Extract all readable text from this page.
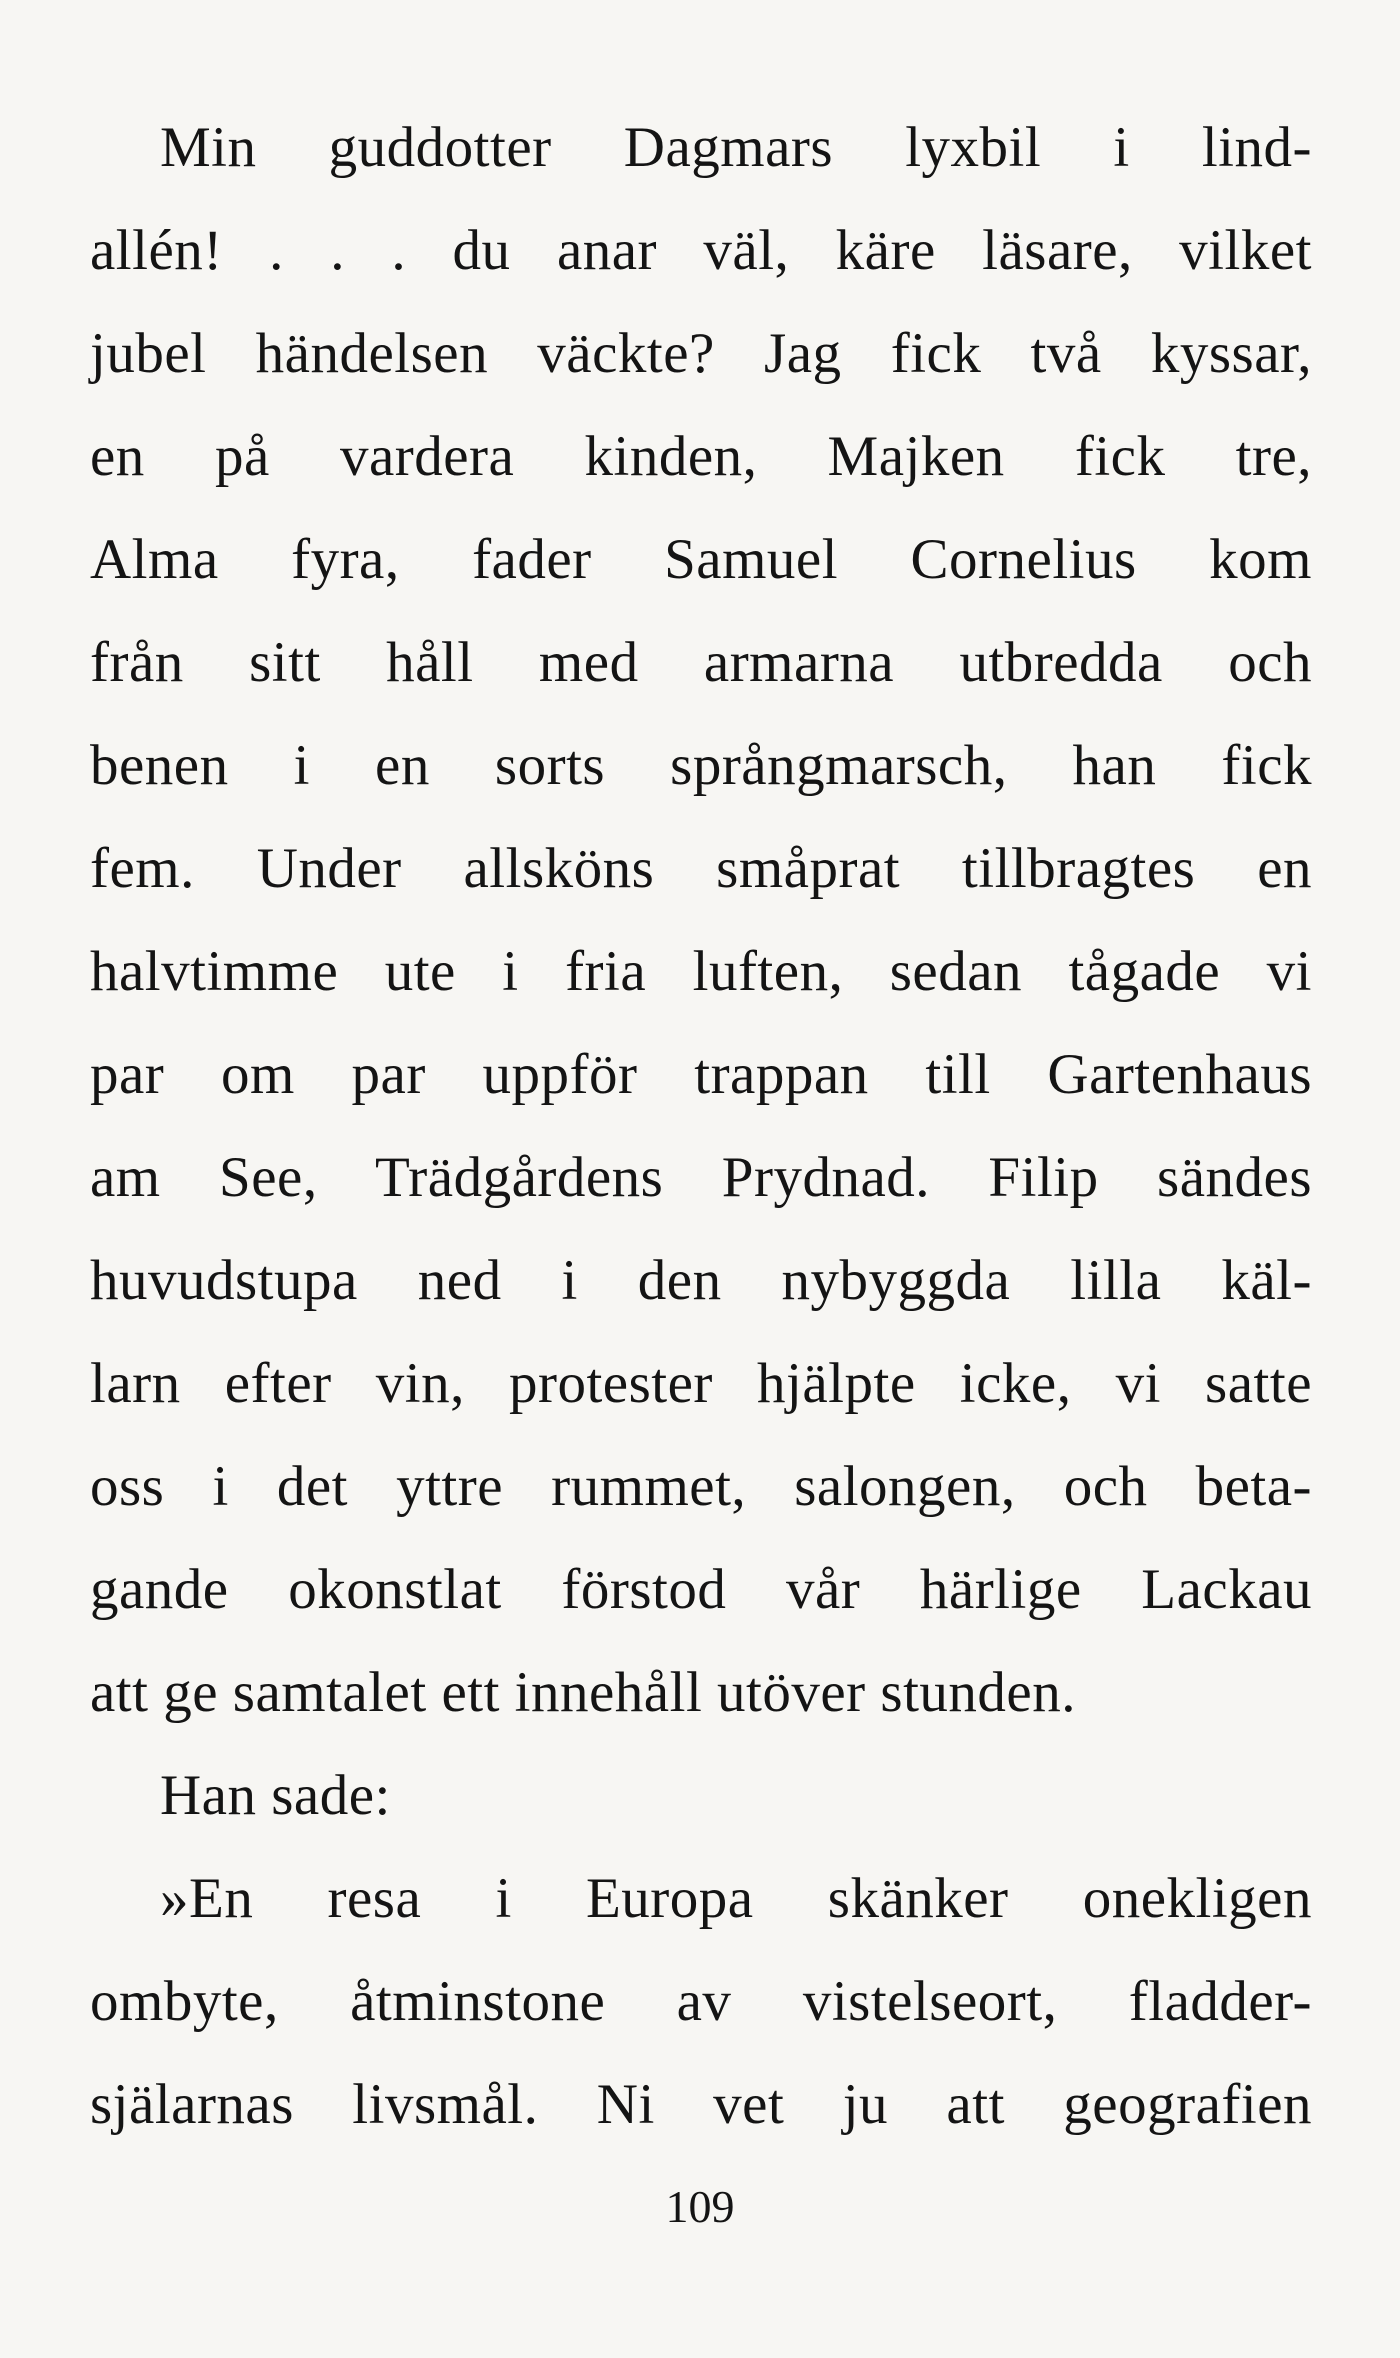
Min guddotter Dagmars lyxbil i lind-
allén! . . . du anar väl, käre läsare, vilket
jubel händelsen väckte? Jag fick två kyssar,
en på vardera kinden, Majken fick tre,
Alma fyra, fader Samuel Cornelius kom
från sitt håll med armarna utbredda och
benen i en sorts språngmarsch, han fick
fem. Under allsköns småprat tillbragtes en
halvtimme ute i fria luften, sedan tågade vi
par om par uppför trappan till Gartenhaus
am See, Trädgårdens Prydnad. Filip sändes
huvudstupa ned i den nybyggda lilla käl-
larn efter vin, protester hjälpte icke, vi satte
oss i det yttre rummet, salongen, och beta-
gande okonstlat förstod vår härlige Lackau
att ge samtalet ett innehåll utöver stunden.
Han sade:
»En resa i Europa skänker onekligen
ombyte, åtminstone av vistelseort, fladder-
själarnas livsmål. Ni vet ju att geografien
109
